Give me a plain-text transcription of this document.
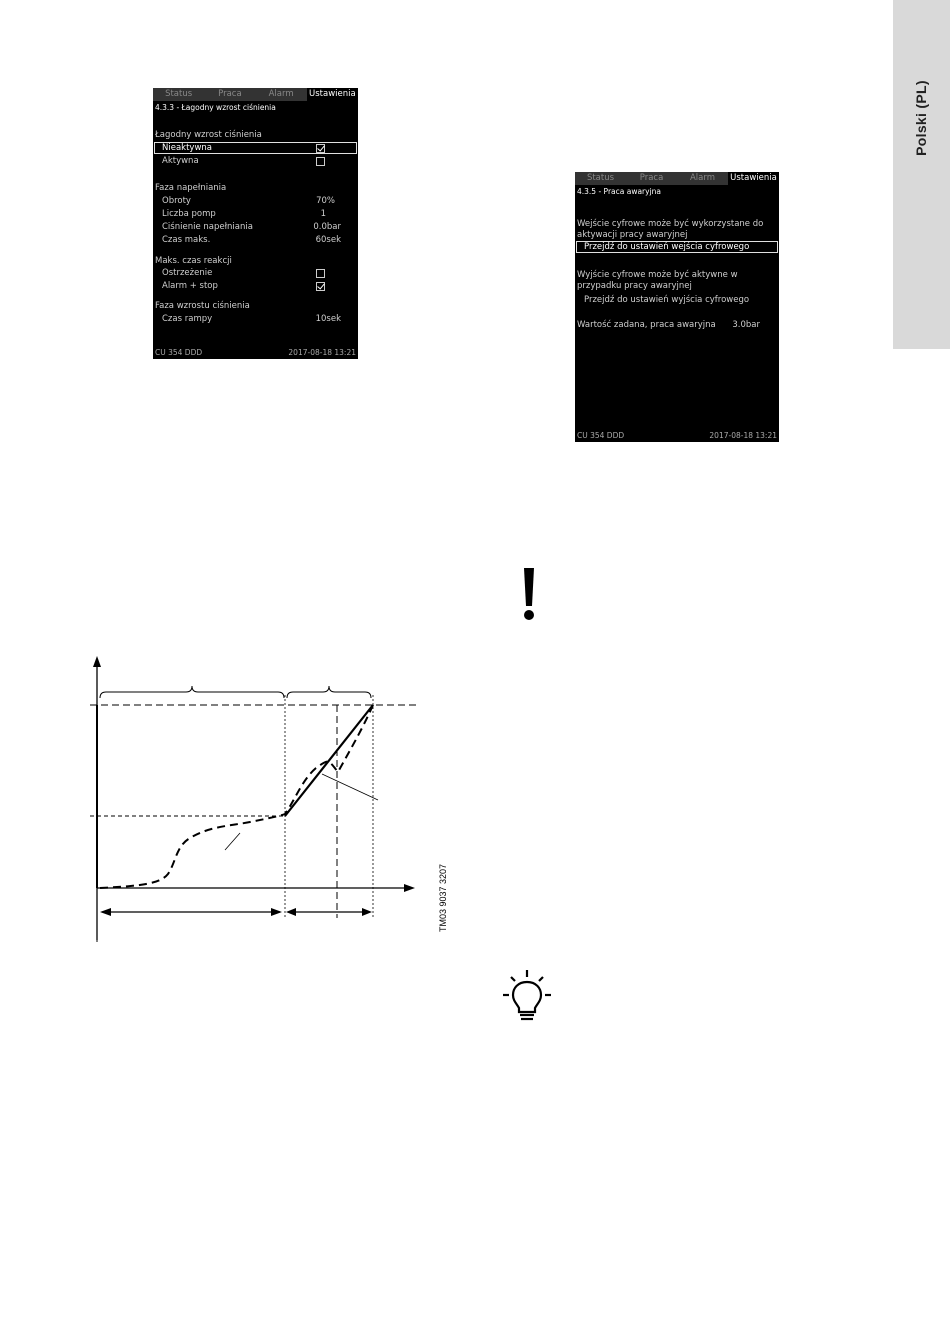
Polski (PL)
Status	Praca	Alarm	Ustawienia
4.3.3 - Łagodny wzrost ciśnienia
Łagodny wzrost ciśnienia
Nieaktywna
Aktywna
Faza napełniania
Obroty	70%
Liczba pomp	1
Ciśnienie napełniania	0.0bar
Czas maks.	60sek
Maks. czas reakcji
Ostrzeżenie
Alarm + stop
Faza wzrostu ciśnienia
Czas rampy	10sek
CU 354 DDD	2017-08-18 13:21
Status	Praca	Alarm	Ustawienia
4.3.5 - Praca awaryjna
Wejście cyfrowe może być wykorzystane do
aktywacji pracy awaryjnej
Przejdź do ustawień wejścia cyfrowego
Wyjście cyfrowe może być aktywne w
przypadku pracy awaryjnej
Przejdź do ustawień wyjścia cyfrowego
Wartość zadana, praca awaryjna 3.0bar
CU 354 DDD	2017-08-18 13:21
TM03 9037 3207
